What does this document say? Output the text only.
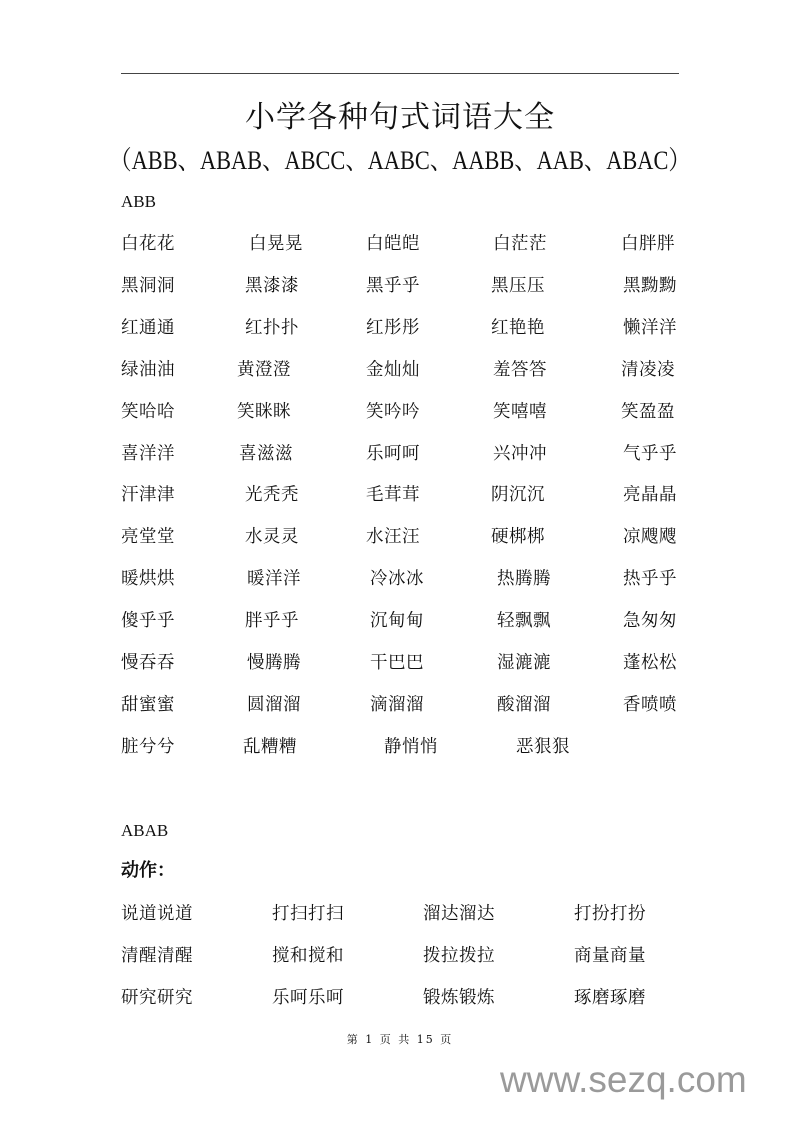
小学各种句式词语大全
（ABB、ABAB、ABCC、AABC、AABB、AAB、ABAC）
ABB
白花花	白晃晃	白皑皑	白茫茫	白胖胖
黑洞洞	黑漆漆	黑乎乎	黑压压	黑黝黝
红通通	红扑扑	红彤彤	红艳艳	懒洋洋
绿油油	黄澄澄	金灿灿	羞答答	清凌凌
笑哈哈	笑眯眯	笑吟吟	笑嘻嘻	笑盈盈
喜洋洋	喜滋滋	乐呵呵	兴冲冲	气乎乎
汗津津	光秃秃	毛茸茸	阴沉沉	亮晶晶
亮堂堂	水灵灵	水汪汪	硬梆梆	凉飕飕
暖烘烘	暖洋洋	冷冰冰	热腾腾	热乎乎
傻乎乎	胖乎乎	沉甸甸	轻飘飘	急匆匆
慢吞吞	慢腾腾	干巴巴	湿漉漉	蓬松松
甜蜜蜜	圆溜溜	滴溜溜	酸溜溜	香喷喷
脏兮兮	乱糟糟	静悄悄	恶狠狠
ABAB
动作：
说道说道	打扫打扫	溜达溜达	打扮打扮
清醒清醒	搅和搅和	拨拉拨拉	商量商量
研究研究	乐呵乐呵	锻炼锻炼	琢磨琢磨
第 1 页 共 15 页
www.sezq.com
